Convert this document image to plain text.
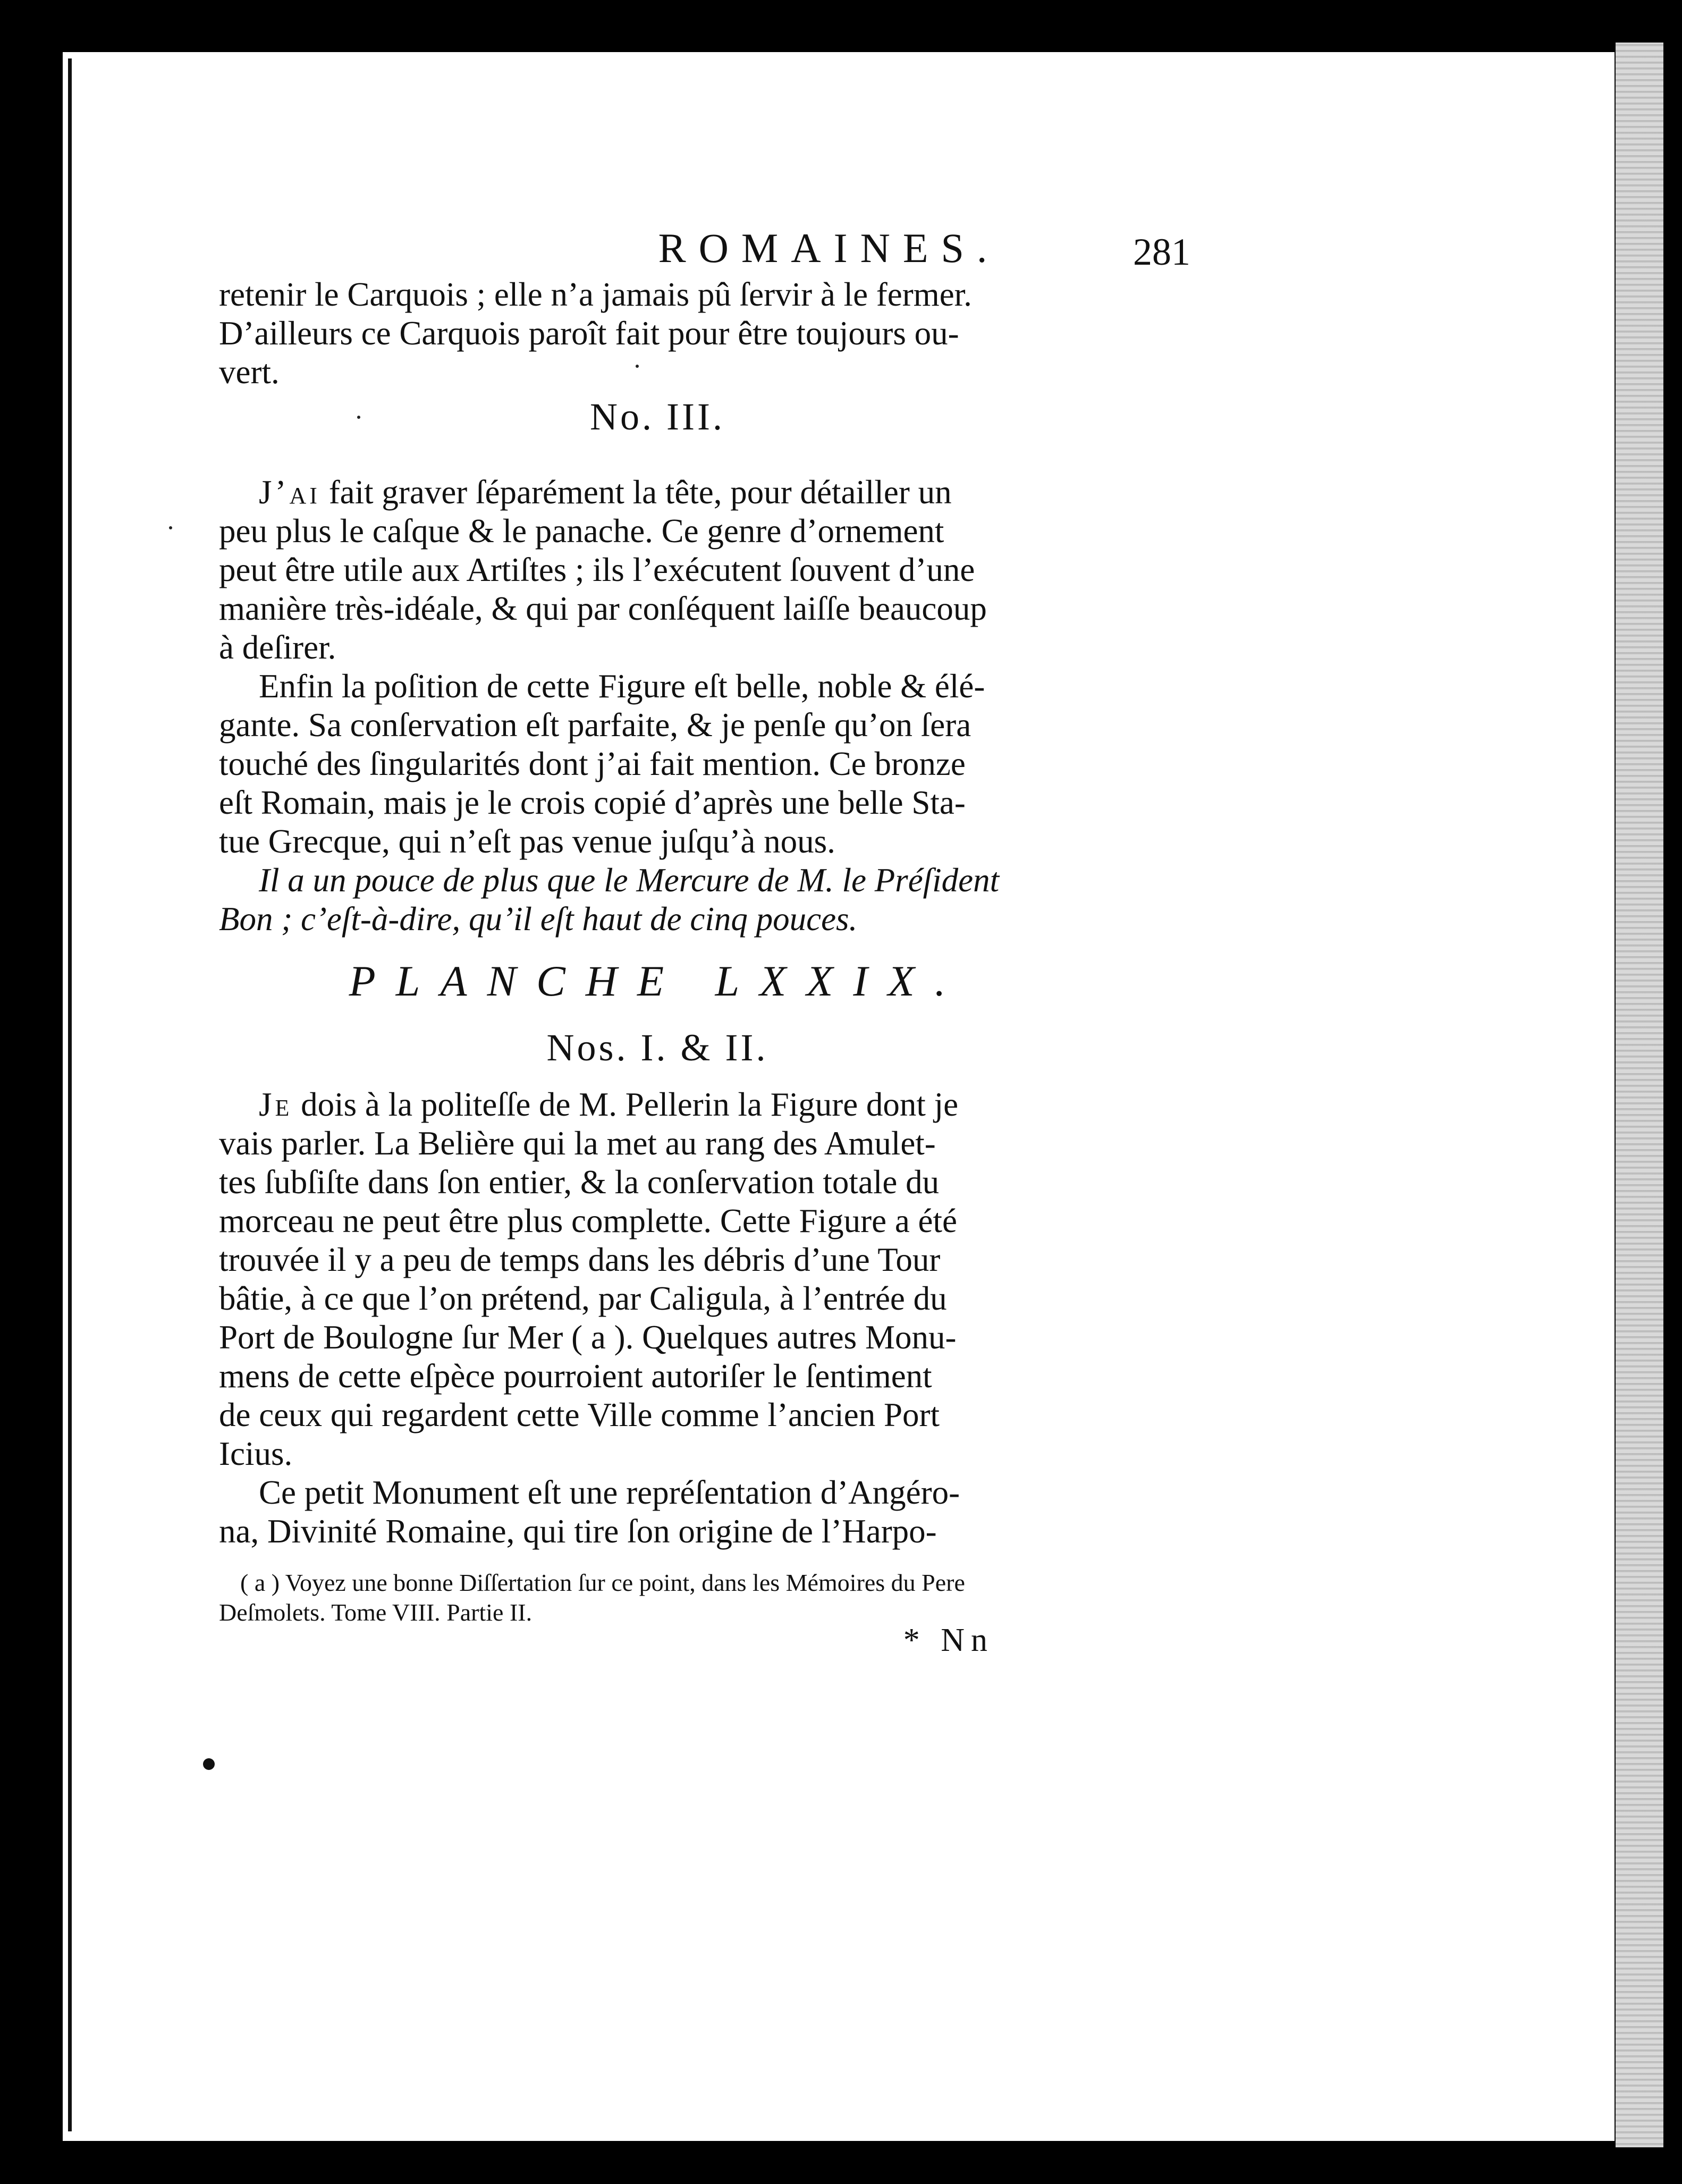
ROMAINES.	281

retenir le Carquois ; elle n’a jamais pû ſervir à le fermer.

D’ailleurs ce Carquois paroît fait pour être toujours ou-

vert.

No. III.

J’ai fait graver ſéparément la tête, pour détailler un

peu plus le caſque & le panache. Ce genre d’ornement

peut être utile aux Artiſtes ; ils l’exécutent ſouvent d’une

manière très-idéale, & qui par conſéquent laiſſe beaucoup

à deſirer.

Enfin la poſition de cette Figure eſt belle, noble & élé-

gante. Sa conſervation eſt parfaite, & je penſe qu’on ſera

touché des ſingularités dont j’ai fait mention. Ce bronze

eſt Romain, mais je le crois copié d’après une belle Sta-

tue Grecque, qui n’eſt pas venue juſqu’à nous.

Il a un pouce de plus que le Mercure de M. le Préſident

Bon ; c’eſt-à-dire, qu’il eſt haut de cinq pouces.

PLANCHE LXXIX.
Nos. I. & II.

Je dois à la politeſſe de M. Pellerin la Figure dont je

vais parler. La Belière qui la met au rang des Amulet-

tes ſubſiſte dans ſon entier, & la conſervation totale du

morceau ne peut être plus complette. Cette Figure a été

trouvée il y a peu de temps dans les débris d’une Tour

bâtie, à ce que l’on prétend, par Caligula, à l’entrée du

Port de Boulogne ſur Mer ( a ). Quelques autres Monu-

mens de cette eſpèce pourroient autoriſer le ſentiment

de ceux qui regardent cette Ville comme l’ancien Port

Icius.

Ce petit Monument eſt une repréſentation d’Angéro-

na, Divinité Romaine, qui tire ſon origine de l’Harpo-

( a ) Voyez une bonne Diſſertation ſur ce point, dans les Mémoires du Pere

Deſmolets. Tome VIII. Partie II.

* Nn
